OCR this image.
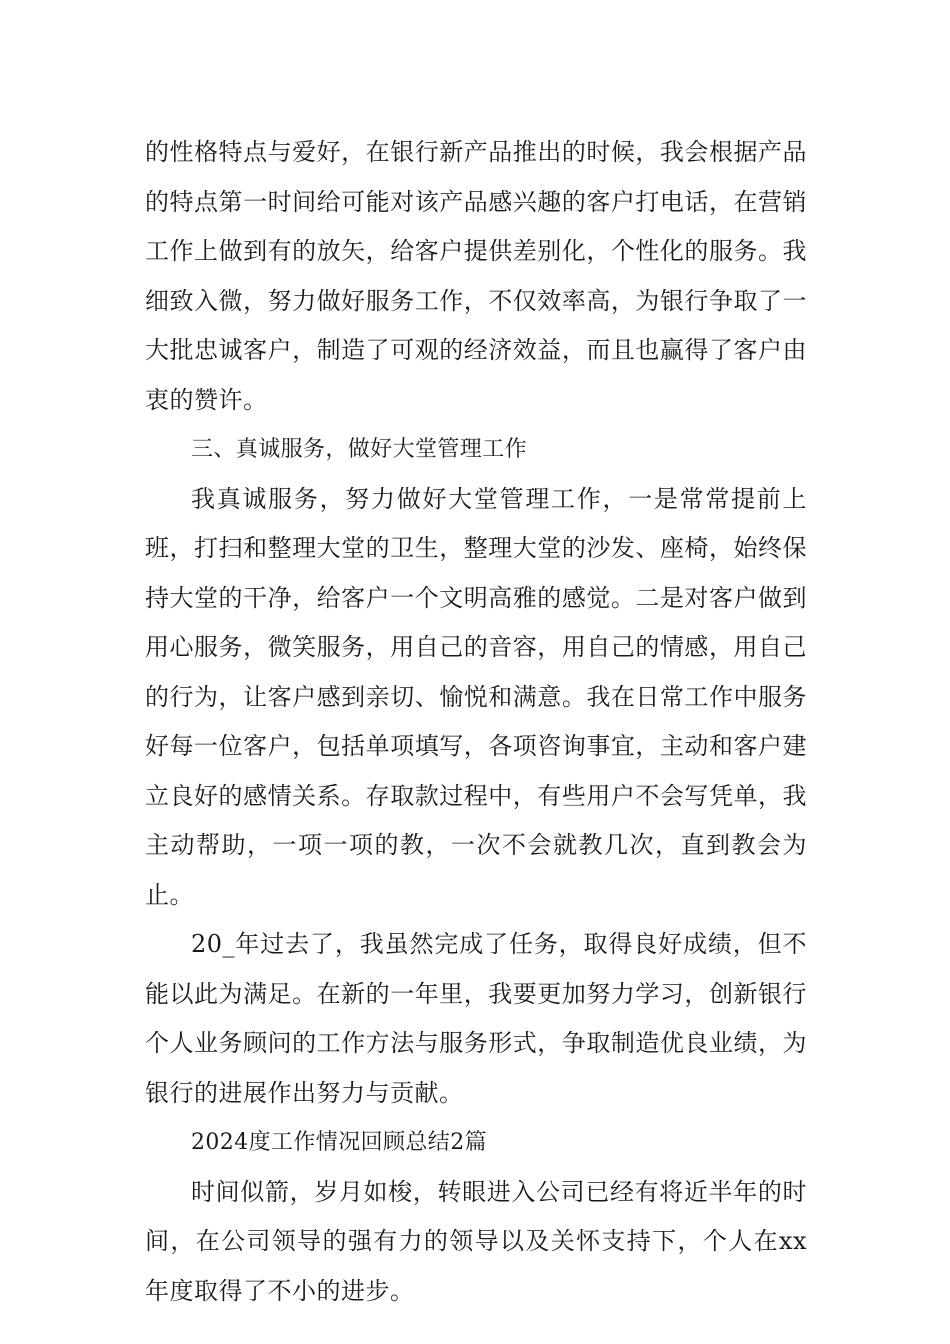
的性格特点与爱好，在银行新产品推出的时候，我会根据产品的特点第一时间给可能对该产品感兴趣的客户打电话，在营销工作上做到有的放矢，给客户提供差别化，个性化的服务。我细致入微，努力做好服务工作，不仅效率高，为银行争取了一大批忠诚客户，制造了可观的经济效益，而且也赢得了客户由衷的赞许。

三、真诚服务，做好大堂管理工作

我真诚服务，努力做好大堂管理工作，一是常常提前上班，打扫和整理大堂的卫生，整理大堂的沙发、座椅，始终保持大堂的干净，给客户一个文明高雅的感觉。二是对客户做到用心服务，微笑服务，用自己的音容，用自己的情感，用自己的行为，让客户感到亲切、愉悦和满意。我在日常工作中服务好每一位客户，包括单项填写，各项咨询事宜，主动和客户建立良好的感情关系。存取款过程中，有些用户不会写凭单，我主动帮助，一项一项的教，一次不会就教几次，直到教会为止。

20_年过去了，我虽然完成了任务，取得良好成绩，但不能以此为满足。在新的一年里，我要更加努力学习，创新银行个人业务顾问的工作方法与服务形式，争取制造优良业绩，为银行的进展作出努力与贡献。

2024度工作情况回顾总结2篇

时间似箭，岁月如梭，转眼进入公司已经有将近半年的时间，在公司领导的强有力的领导以及关怀支持下，个人在xx年度取得了不小的进步。
